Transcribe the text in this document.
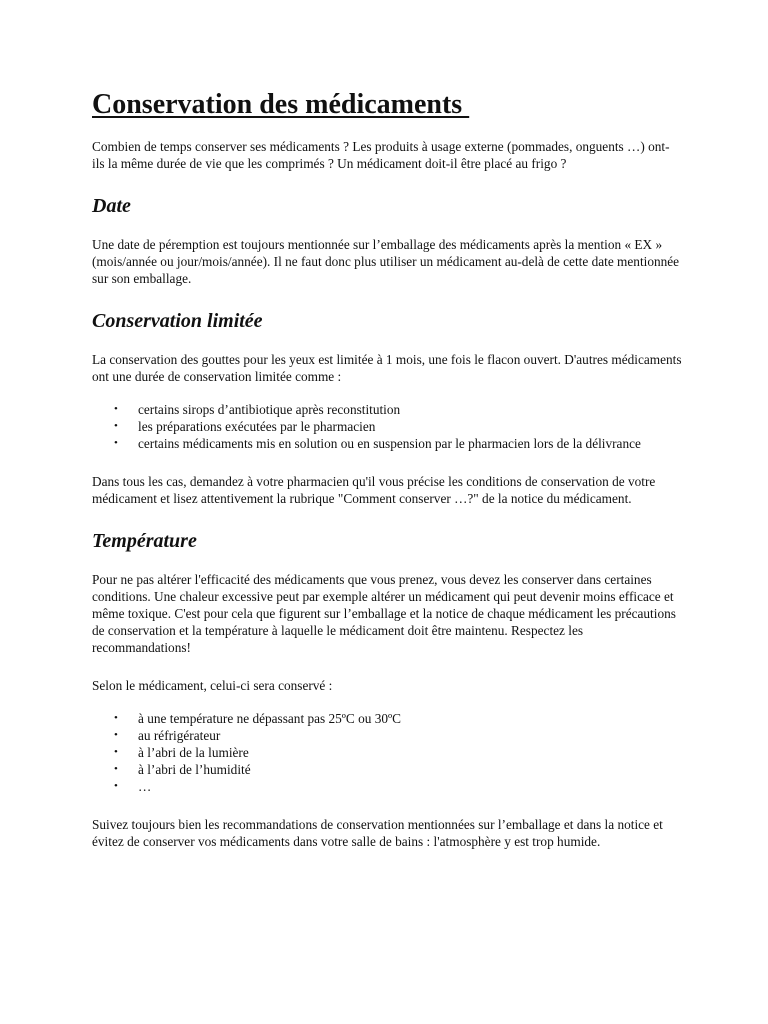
Conservation des médicaments

Combien de temps conserver ses médicaments ? Les produits à usage externe (pommades, onguents …) ont-ils la même durée de vie que les comprimés ? Un médicament doit-il être placé au frigo ?

Date

Une date de péremption est toujours mentionnée sur l’emballage des médicaments après la mention « EX » (mois/année ou jour/mois/année). Il ne faut donc plus utiliser un médicament au-delà de cette date mentionnée sur son emballage.

Conservation limitée

La conservation des gouttes pour les yeux est limitée à 1 mois, une fois le flacon ouvert. D'autres médicaments ont une durée de conservation limitée comme :

• certains sirops d’antibiotique après reconstitution
• les préparations exécutées par le pharmacien
• certains médicaments mis en solution ou en suspension par le pharmacien lors de la délivrance

Dans tous les cas, demandez à votre pharmacien qu'il vous précise les conditions de conservation de votre médicament et lisez attentivement la rubrique "Comment conserver …?" de la notice du médicament.

Température

Pour ne pas altérer l'efficacité des médicaments que vous prenez, vous devez les conserver dans certaines conditions. Une chaleur excessive peut par exemple altérer un médicament qui peut devenir moins efficace et même toxique. C'est pour cela que figurent sur l’emballage et la notice de chaque médicament les précautions de conservation et la température à laquelle le médicament doit être maintenu. Respectez les recommandations!

Selon le médicament, celui-ci sera conservé :

• à une température ne dépassant pas 25ºC ou 30ºC
• au réfrigérateur
• à l’abri de la lumière
• à l’abri de l’humidité
• …

Suivez toujours bien les recommandations de conservation mentionnées sur l’emballage et dans la notice et évitez de conserver vos médicaments dans votre salle de bains : l'atmosphère y est trop humide.
